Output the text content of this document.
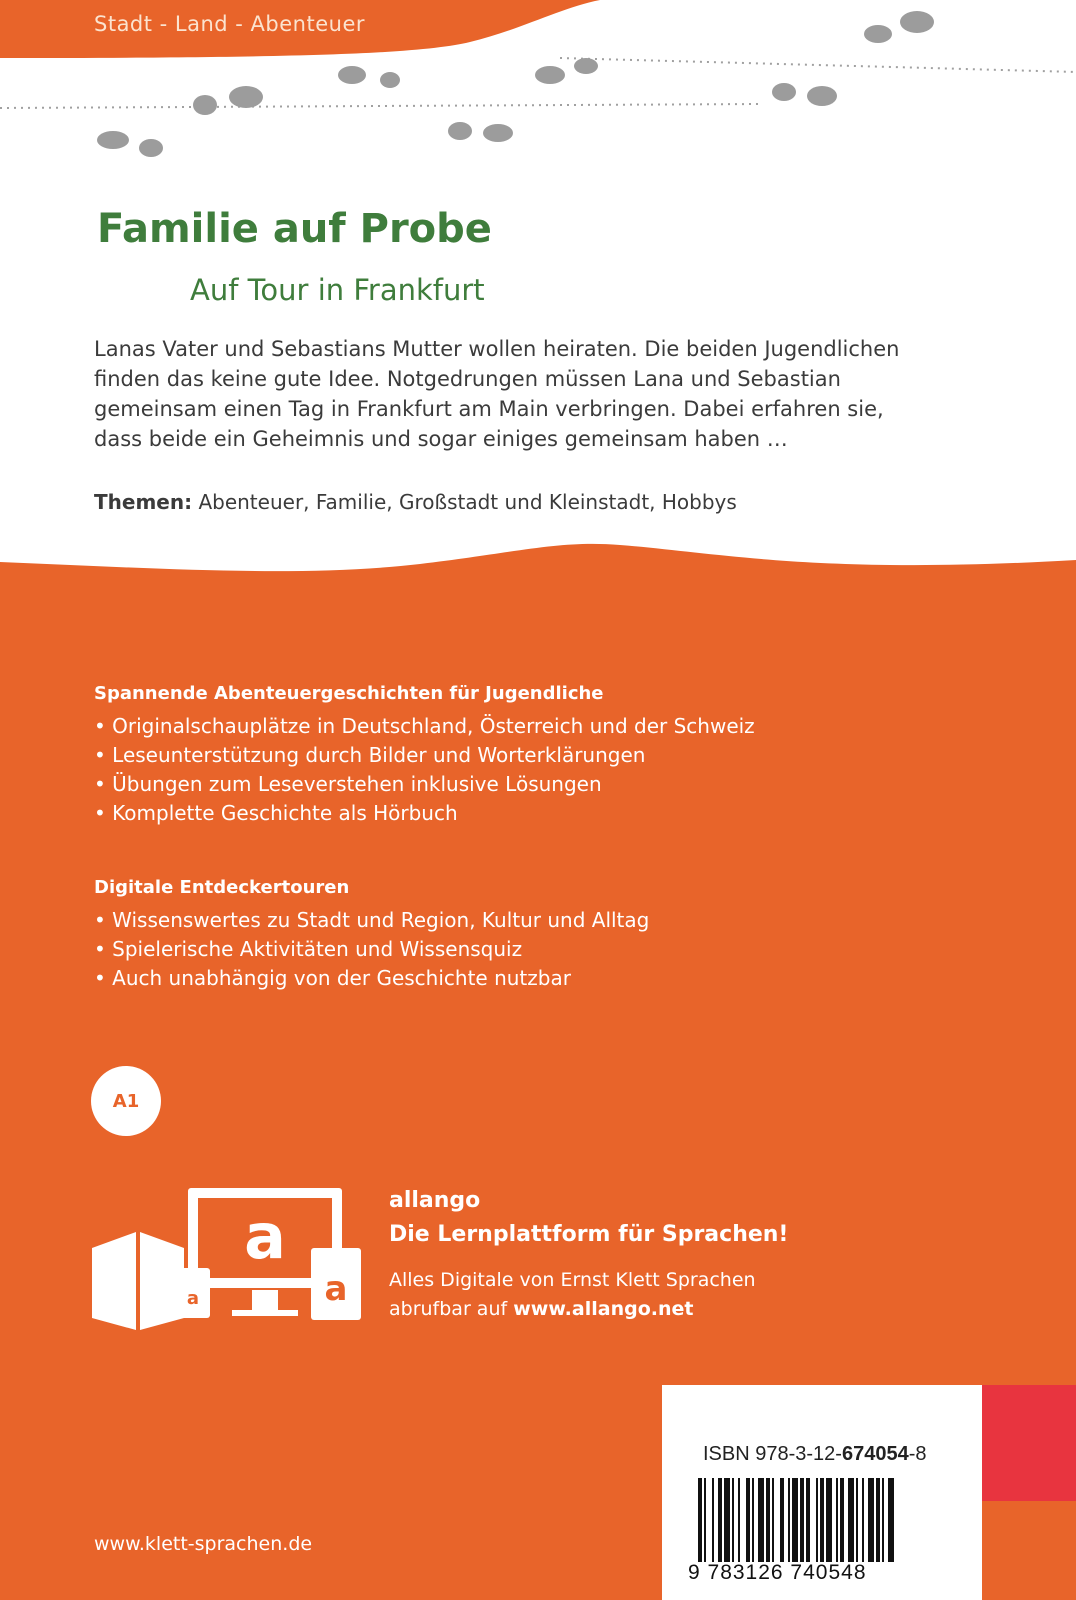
a
a
a
Stadt - Land - Abenteuer
Familie auf Probe
Auf Tour in Frankfurt
Lanas Vater und Sebastians Mutter wollen heiraten. Die beiden Jugendlichen finden das keine gute Idee. Notgedrungen müssen Lana und Sebastian gemeinsam einen Tag in Frankfurt am Main verbringen. Dabei erfahren sie, dass beide ein Geheimnis und sogar einiges gemeinsam haben …
Themen: Abenteuer, Familie, Großstadt und Kleinstadt, Hobbys

Spannende Abenteuergeschichten für Jugendliche

• Originalschauplätze in Deutschland, Österreich und der Schweiz
• Leseunterstützung durch Bilder und Worterklärungen
• Übungen zum Leseverstehen inklusive Lösungen
• Komplette Geschichte als Hörbuch

Digitale Entdeckertouren

• Wissenswertes zu Stadt und Region, Kultur und Alltag
• Spielerische Aktivitäten und Wissensquiz
• Auch unabhängig von der Geschichte nutzbar
A1
allango
Die Lernplattform für Sprachen!
Alles Digitale von Ernst Klett Sprachen
abrufbar auf www.allango.net
ISBN 978-3-12-674054-8
9 783126 740548
www.klett-sprachen.de
